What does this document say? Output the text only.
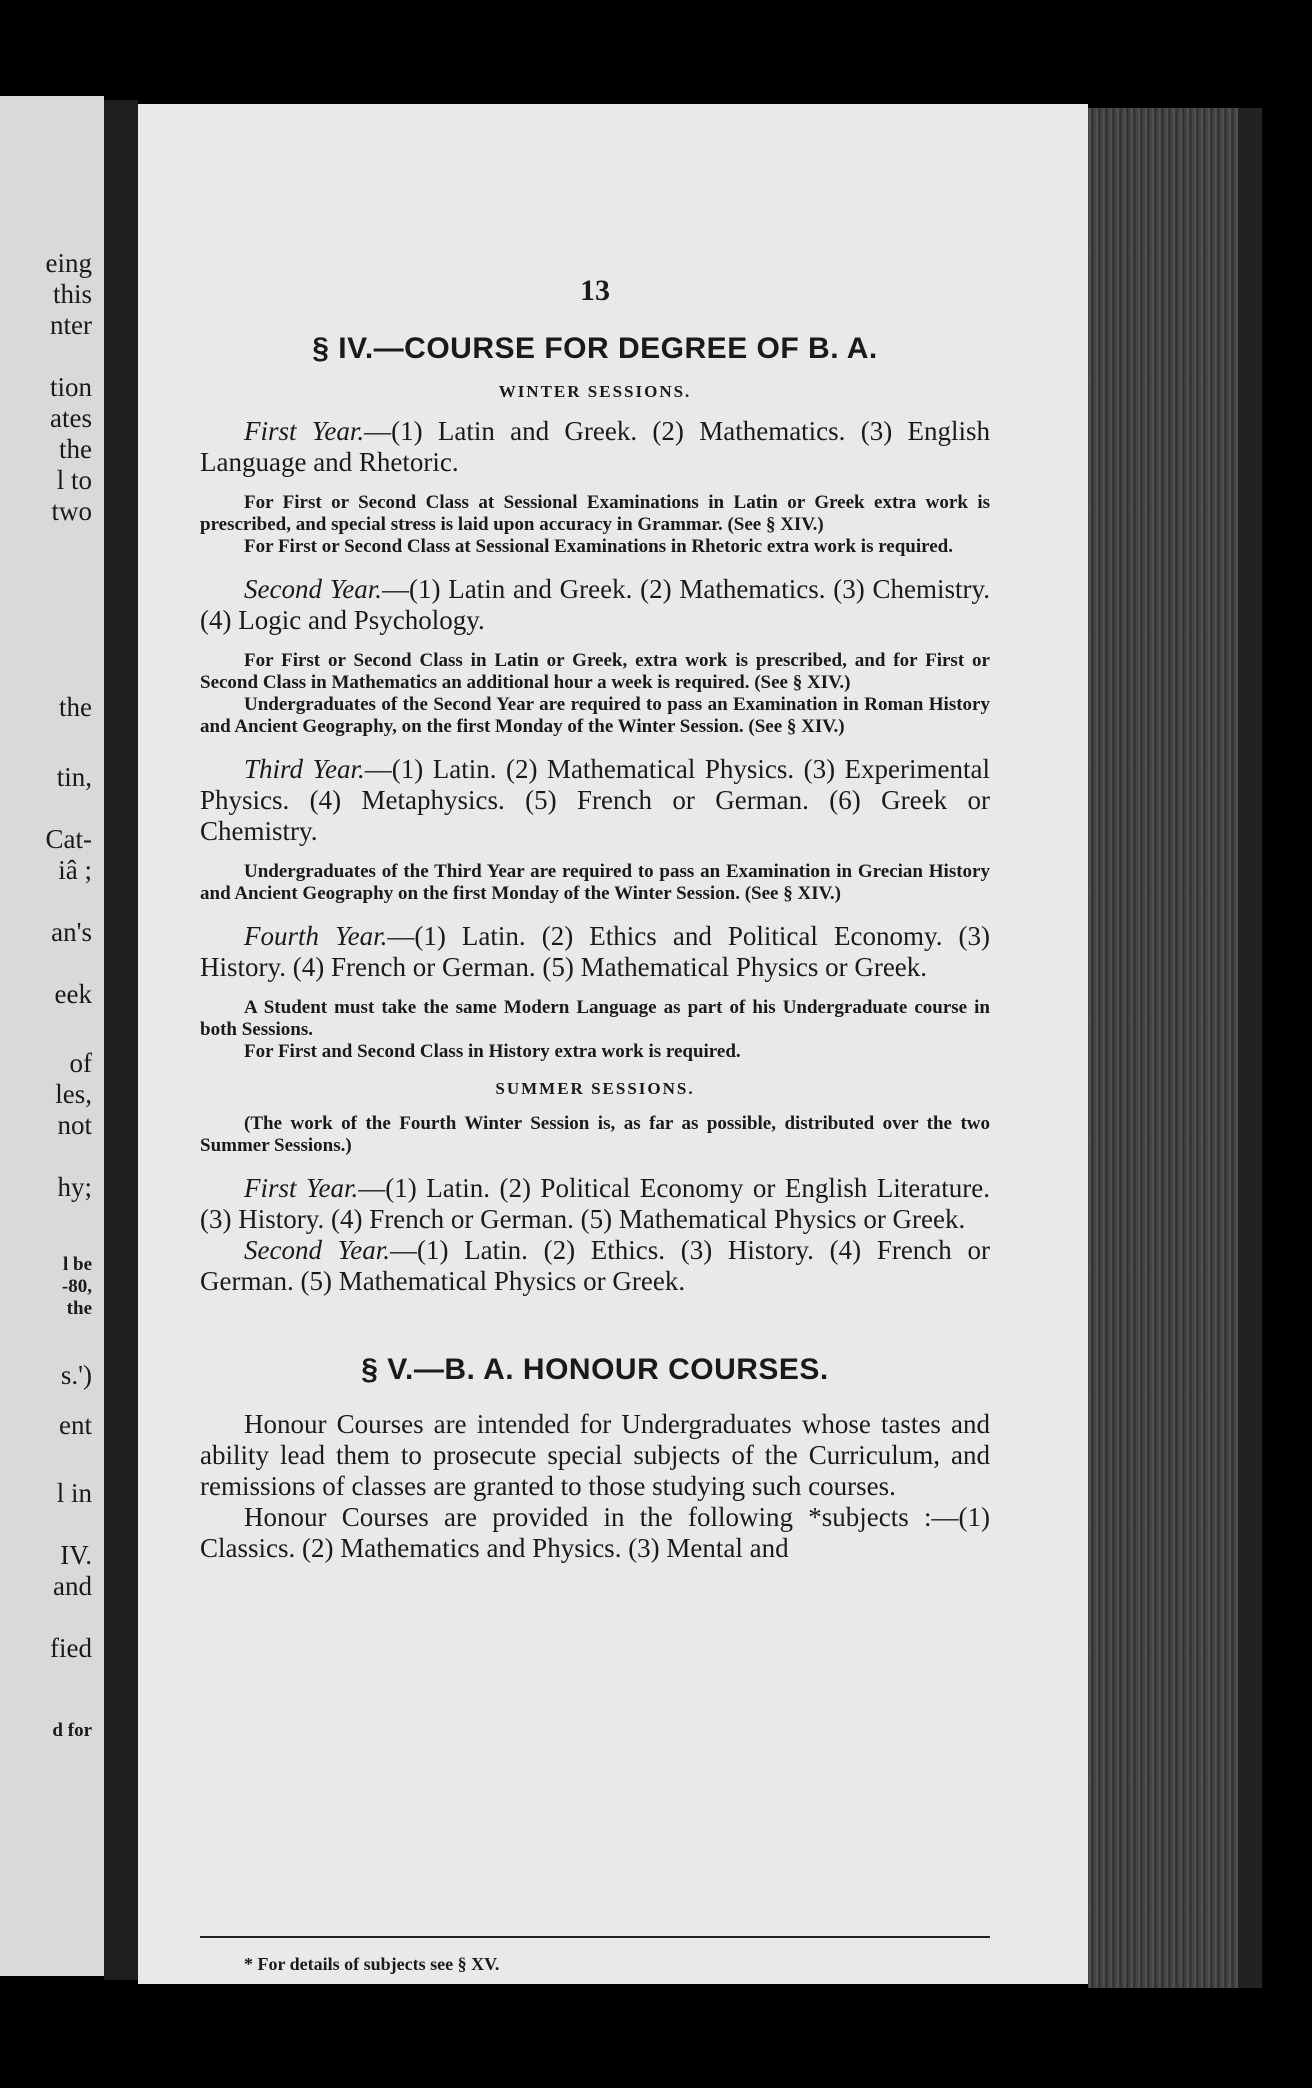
eing
this
nter
tion
ates
the
l to
two
the
tin,
Cat-
iâ ;
an's
eek
of
les,
not
hy;
l be
-80,
the
s.')
ent
l in
IV.
and
fied
d for
13
§ IV.—COURSE FOR DEGREE OF B. A.
WINTER SESSIONS.

First Year.—(1) Latin and Greek. (2) Mathematics. (3) English Language and Rhetoric.

For First or Second Class at Sessional Examinations in Latin or Greek extra work is prescribed, and special stress is laid upon accuracy in Grammar. (See § XIV.)

For First or Second Class at Sessional Examinations in Rhetoric extra work is required.

Second Year.—(1) Latin and Greek. (2) Mathematics. (3) Chemistry. (4) Logic and Psychology.

For First or Second Class in Latin or Greek, extra work is prescribed, and for First or Second Class in Mathematics an additional hour a week is required. (See § XIV.)

Undergraduates of the Second Year are required to pass an Examination in Roman History and Ancient Geography, on the first Monday of the Winter Session. (See § XIV.)

Third Year.—(1) Latin. (2) Mathematical Physics. (3) Experimental Physics. (4) Metaphysics. (5) French or German. (6) Greek or Chemistry.

Undergraduates of the Third Year are required to pass an Examination in Grecian History and Ancient Geography on the first Monday of the Winter Session. (See § XIV.)

Fourth Year.—(1) Latin. (2) Ethics and Political Economy. (3) History. (4) French or German. (5) Mathematical Physics or Greek.

A Student must take the same Modern Language as part of his Undergraduate course in both Sessions.

For First and Second Class in History extra work is required.

SUMMER SESSIONS.

(The work of the Fourth Winter Session is, as far as possible, distributed over the two Summer Sessions.)

First Year.—(1) Latin. (2) Political Economy or English Literature. (3) History. (4) French or German. (5) Mathematical Physics or Greek.

Second Year.—(1) Latin. (2) Ethics. (3) History. (4) French or German. (5) Mathematical Physics or Greek.

§ V.—B. A. HONOUR COURSES.

Honour Courses are intended for Undergraduates whose tastes and ability lead them to prosecute special subjects of the Curriculum, and remissions of classes are granted to those studying such courses.

Honour Courses are provided in the following *subjects :—(1) Classics. (2) Mathematics and Physics. (3) Mental and

* For details of subjects see § XV.
